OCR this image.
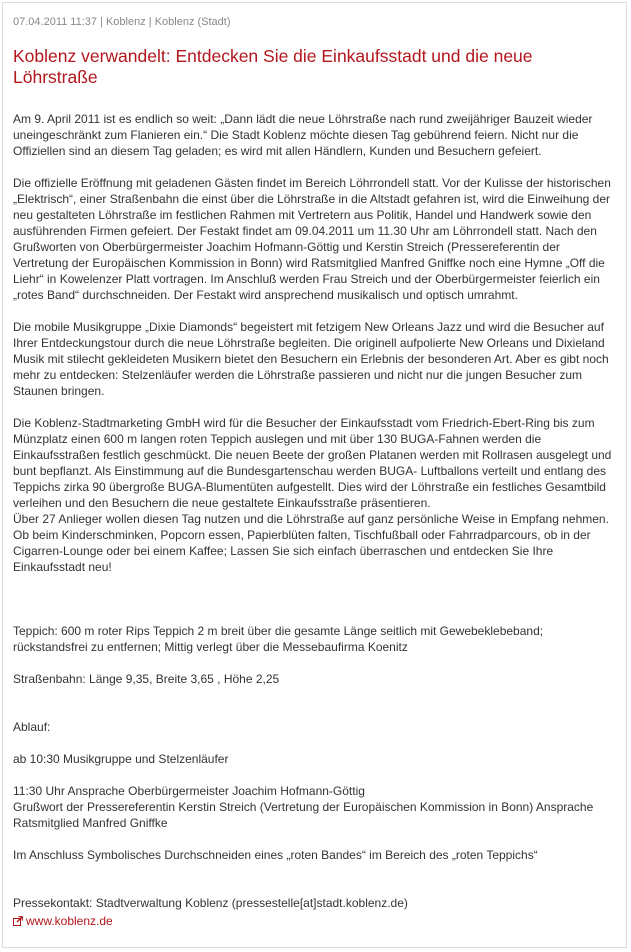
07.04.2011 11:37 | Koblenz | Koblenz (Stadt)
Koblenz verwandelt: Entdecken Sie die Einkaufsstadt und die neue Löhrstraße

Am 9. April 2011 ist es endlich so weit: „Dann lädt die neue Löhrstraße nach rund zweijähriger Bauzeit wieder uneingeschränkt zum Flanieren ein.“ Die Stadt Koblenz möchte diesen Tag gebührend feiern. Nicht nur die Offiziellen sind an diesem Tag geladen; es wird mit allen Händlern, Kunden und Besuchern gefeiert.

Die offizielle Eröffnung mit geladenen Gästen findet im Bereich Löhrrondell statt. Vor der Kulisse der historischen „Elektrisch“, einer Straßenbahn die einst über die Löhrstraße in die Altstadt gefahren ist, wird die Einweihung der neu gestalteten Löhrstraße im festlichen Rahmen mit Vertretern aus Politik, Handel und Handwerk sowie den ausführenden Firmen gefeiert. Der Festakt findet am 09.04.2011 um 11.30 Uhr am Löhrrondell statt. Nach den Grußworten von Oberbürgermeister Joachim Hofmann-Göttig und Kerstin Streich (Pressereferentin der Vertretung der Europäischen Kommission in Bonn) wird Ratsmitglied Manfred Gniffke noch eine Hymne „Off die Liehr“ in Kowelenzer Platt vortragen. Im Anschluß werden Frau Streich und der Oberbürgermeister feierlich ein „rotes Band“ durchschneiden. Der Festakt wird ansprechend musikalisch und optisch umrahmt.

Die mobile Musikgruppe „Dixie Diamonds“ begeistert mit fetzigem New Orleans Jazz und wird die Besucher auf Ihrer Entdeckungstour durch die neue Löhrstraße begleiten. Die originell aufpolierte New Orleans und Dixieland Musik mit stilecht gekleideten Musikern bietet den Besuchern ein Erlebnis der besonderen Art. Aber es gibt noch mehr zu entdecken: Stelzenläufer werden die Löhrstraße passieren und nicht nur die jungen Besucher zum Staunen bringen.

Die Koblenz-Stadtmarketing GmbH wird für die Besucher der Einkaufsstadt vom Friedrich-Ebert-Ring bis zum Münzplatz einen 600 m langen roten Teppich auslegen und mit über 130 BUGA-Fahnen werden die Einkaufsstraßen festlich geschmückt. Die neuen Beete der großen Platanen werden mit Rollrasen ausgelegt und bunt bepflanzt. Als Einstimmung auf die Bundesgartenschau werden BUGA- Luftballons verteilt und entlang des Teppichs zirka 90 übergroße BUGA-Blumentüten aufgestellt. Dies wird der Löhrstraße ein festliches Gesamtbild verleihen und den Besuchern die neue gestaltete Einkaufsstraße präsentieren.

Über 27 Anlieger wollen diesen Tag nutzen und die Löhrstraße auf ganz persönliche Weise in Empfang nehmen. Ob beim Kinderschminken, Popcorn essen, Papierblüten falten, Tischfußball oder Fahrradparcours, ob in der Cigarren-Lounge oder bei einem Kaffee; Lassen Sie sich einfach überraschen und entdecken Sie Ihre Einkaufsstadt neu!

Teppich: 600 m roter Rips Teppich 2 m breit über die gesamte Länge seitlich mit Gewebeklebeband; rückstandsfrei zu entfernen; Mittig verlegt über die Messebaufirma Koenitz

Straßenbahn: Länge 9,35, Breite 3,65 , Höhe 2,25

Ablauf:

ab 10:30 Musikgruppe und Stelzenläufer

11:30 Uhr Ansprache Oberbürgermeister Joachim Hofmann-Göttig

Grußwort der Pressereferentin Kerstin Streich (Vertretung der Europäischen Kommission in Bonn) Ansprache Ratsmitglied Manfred Gniffke

Im Anschluss Symbolisches Durchschneiden eines „roten Bandes“ im Bereich des „roten Teppichs“

Pressekontakt: Stadtverwaltung Koblenz (pressestelle[at]stadt.koblenz.de)

www.koblenz.de
